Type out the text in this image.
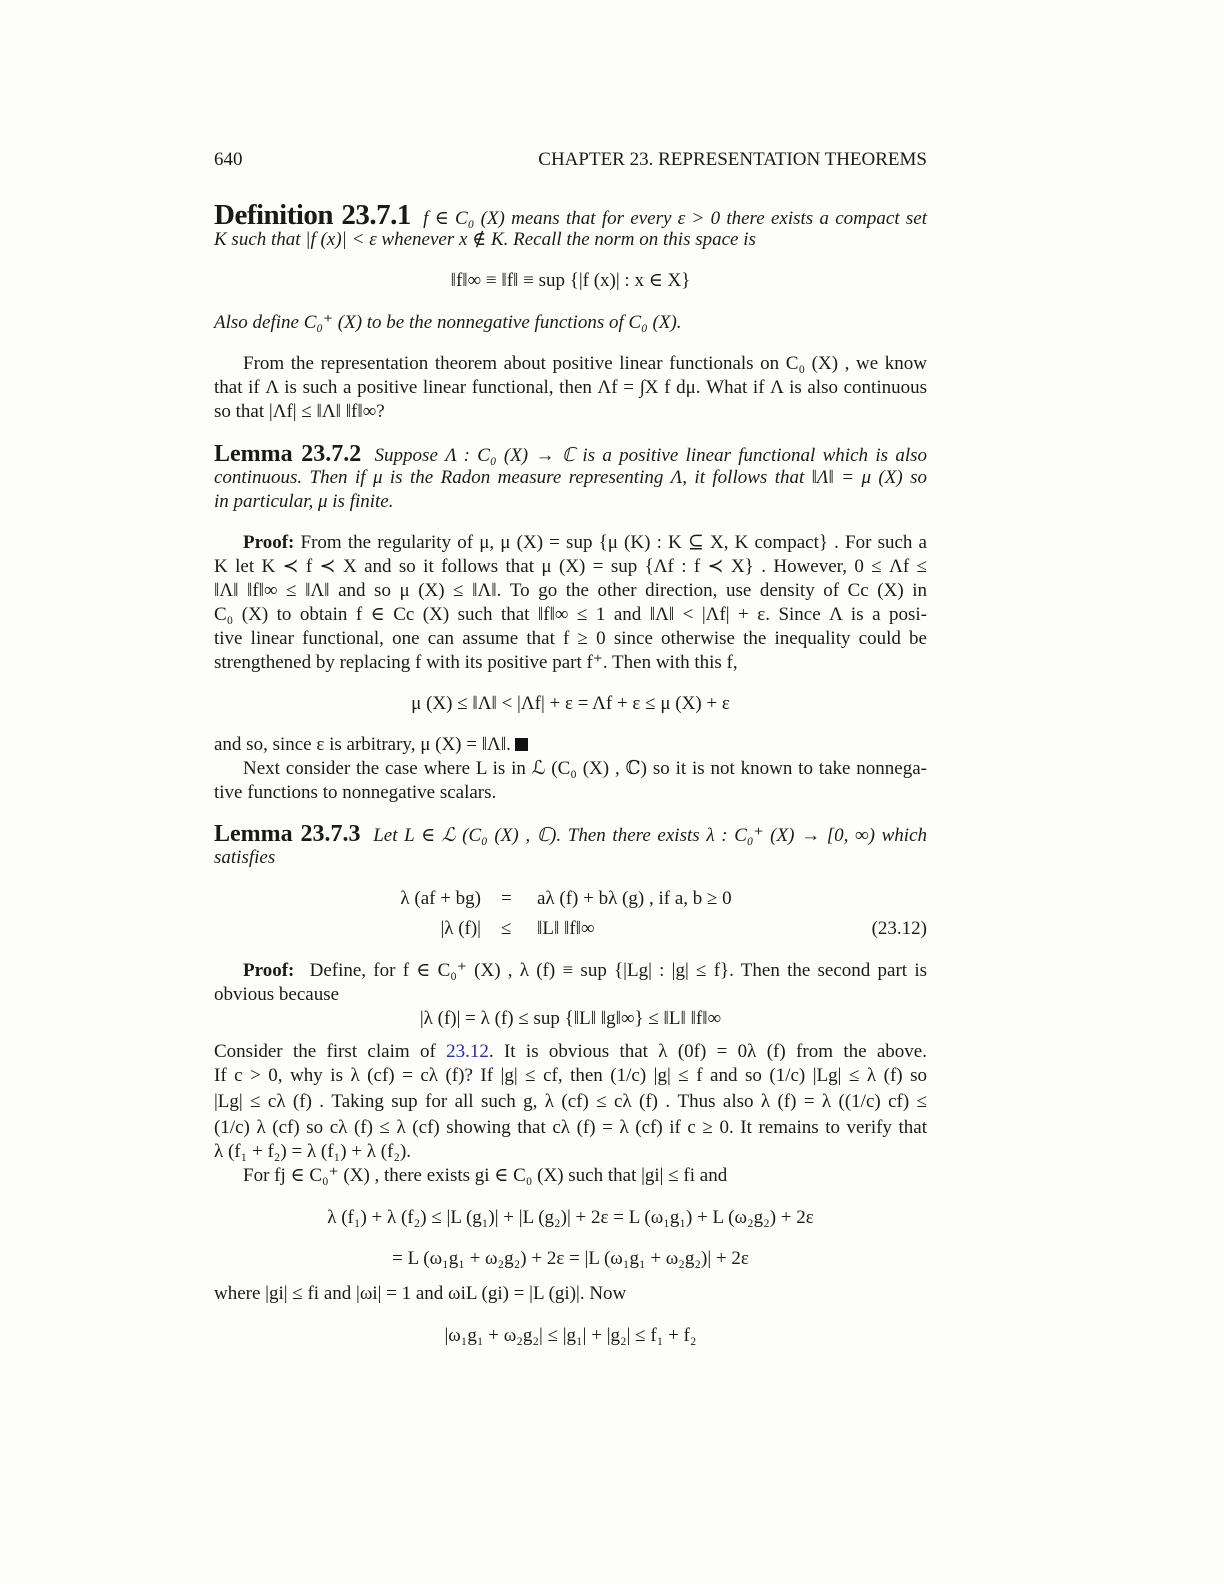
640	CHAPTER 23. REPRESENTATION THEOREMS
Definition 23.7.1 f ∈ C₀ (X) means that for every ε > 0 there exists a compact set
K such that |f (x)| < ε whenever x ∉ K. Recall the norm on this space is
‖f‖∞ ≡ ‖f‖ ≡ sup {|f (x)| : x ∈ X}
Also define C₀⁺ (X) to be the nonnegative functions of C₀ (X).
From the representation theorem about positive linear functionals on C₀ (X) , we know
that if Λ is such a positive linear functional, then Λf = ∫X f dμ. What if Λ is also continuous
so that |Λf| ≤ ‖Λ‖ ‖f‖∞?
Lemma 23.7.2 Suppose Λ : C₀ (X) → ℂ is a positive linear functional which is also
continuous. Then if μ is the Radon measure representing Λ, it follows that ‖Λ‖ = μ (X) so
in particular, μ is finite.
Proof: From the regularity of μ, μ (X) = sup {μ (K) : K ⊆ X, K compact} . For such a
K let K ≺ f ≺ X and so it follows that μ (X) = sup {Λf : f ≺ X} . However, 0 ≤ Λf ≤
‖Λ‖ ‖f‖∞ ≤ ‖Λ‖ and so μ (X) ≤ ‖Λ‖. To go the other direction, use density of Cc (X) in
C₀ (X) to obtain f ∈ Cc (X) such that ‖f‖∞ ≤ 1 and ‖Λ‖ < |Λf| + ε. Since Λ is a posi-
tive linear functional, one can assume that f ≥ 0 since otherwise the inequality could be
strengthened by replacing f with its positive part f⁺. Then with this f,
μ (X) ≤ ‖Λ‖ < |Λf| + ε = Λf + ε ≤ μ (X) + ε
and so, since ε is arbitrary, μ (X) = ‖Λ‖.
Next consider the case where L is in ℒ (C₀ (X) , ℂ) so it is not known to take nonnega-
tive functions to nonnegative scalars.
Lemma 23.7.3 Let L ∈ ℒ (C₀ (X) , ℂ). Then there exists λ : C₀⁺ (X) → [0, ∞) which
satisfies
λ (af + bg) = aλ (f) + bλ (g) , if a, b ≥ 0
|λ (f)| ≤ ‖L‖ ‖f‖∞	(23.12)
Proof: Define, for f ∈ C₀⁺ (X) , λ (f) ≡ sup {|Lg| : |g| ≤ f}. Then the second part is
obvious because
|λ (f)| = λ (f) ≤ sup {‖L‖ ‖g‖∞} ≤ ‖L‖ ‖f‖∞
Consider the first claim of 23.12. It is obvious that λ (0f) = 0λ (f) from the above.
If c > 0, why is λ (cf) = cλ (f)? If |g| ≤ cf, then (1/c) |g| ≤ f and so (1/c) |Lg| ≤ λ (f) so
|Lg| ≤ cλ (f) . Taking sup for all such g, λ (cf) ≤ cλ (f) . Thus also λ (f) = λ ((1/c) cf) ≤
(1/c) λ (cf) so cλ (f) ≤ λ (cf) showing that cλ (f) = λ (cf) if c ≥ 0. It remains to verify that
λ (f₁ + f₂) = λ (f₁) + λ (f₂).
For fj ∈ C₀⁺ (X) , there exists gi ∈ C₀ (X) such that |gi| ≤ fi and
λ (f₁) + λ (f₂) ≤ |L (g₁)| + |L (g₂)| + 2ε = L (ω₁g₁) + L (ω₂g₂) + 2ε
= L (ω₁g₁ + ω₂g₂) + 2ε = |L (ω₁g₁ + ω₂g₂)| + 2ε
where |gi| ≤ fi and |ωi| = 1 and ωiL (gi) = |L (gi)|. Now
|ω₁g₁ + ω₂g₂| ≤ |g₁| + |g₂| ≤ f₁ + f₂
